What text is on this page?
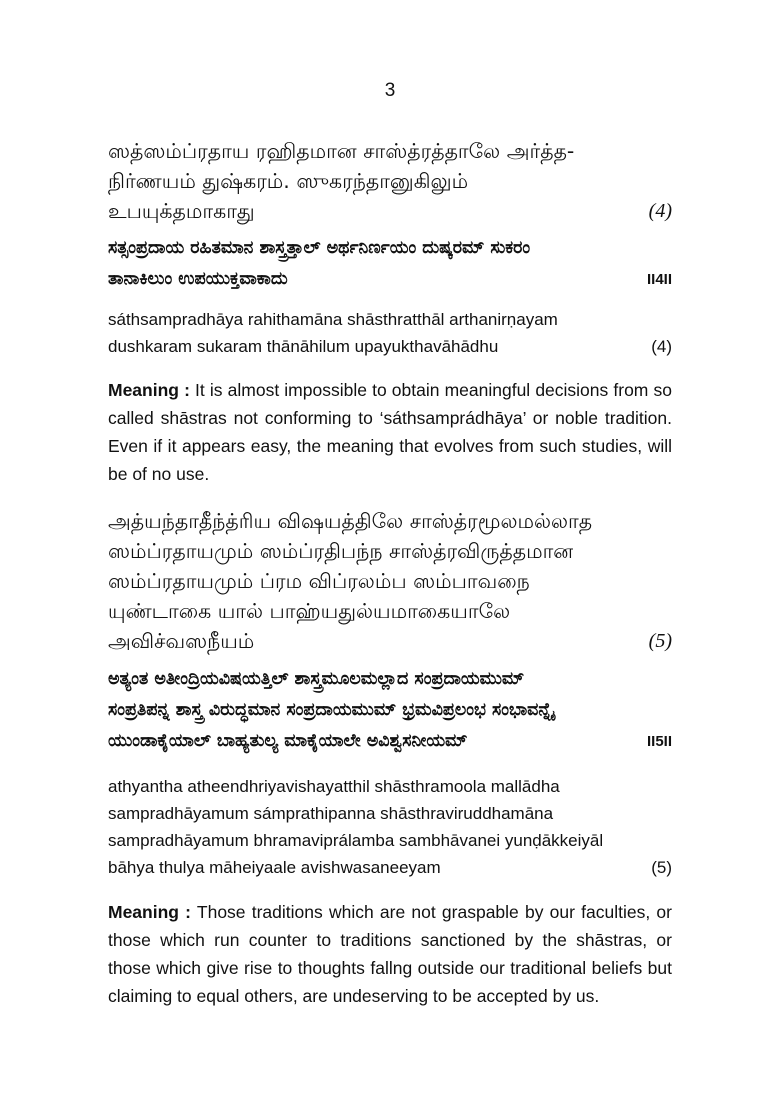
3
ஸத்ஸம்ப்ரதாய ரஹிதமான சாஸ்த்ரத்தாலே அர்த்த-
நிர்ணயம் துஷ்கரம். ஸுகரந்தானுகிலும்
உபயுக்தமாகாது	(4)
ಸತ್ಸಂಪ್ರದಾಯ ರಹಿತಮಾನ ಶಾಸ್ತ್ರತ್ತಾಲ್ ಅರ್ಥನಿರ್ಣಯಂ ದುಷ್ಕರಮ್ ಸುಕರಂ
ತಾನಾಕಿಲುಂ ಉಪಯುಕ್ತವಾಕಾದು	II4II
sáthsampradhāya rahithamāna shāsthratthāl arthanirṇayam
dushkaram sukaram thānāhilum upayukthavāhādhu	(4)
Meaning : It is almost impossible to obtain meaningful decisions from so called shāstras not conforming to ‘sáthsamprádhāya’ or noble tradition. Even if it appears easy, the meaning that evolves from such studies, will be of no use.
அத்யந்தாதீந்த்ரிய விஷயத்திலே சாஸ்த்ரமூலமல்லாத
ஸம்ப்ரதாயமும் ஸம்ப்ரதிபந்ந சாஸ்த்ரவிருத்தமான
ஸம்ப்ரதாயமும் ப்ரம விப்ரலம்ப ஸம்பாவநை
யுண்டாகை யால் பாஹ்யதுல்யமாகையாலே
அவிச்வஸநீயம்	(5)
ಅತ್ಯಂತ ಅತೀಂದ್ರಿಯವಿಷಯತ್ತಿಲ್ ಶಾಸ್ತ್ರಮೂಲಮಲ್ಲಾದ ಸಂಪ್ರದಾಯಮುಮ್
ಸಂಪ್ರತಿಪನ್ನ ಶಾಸ್ತ್ರ ವಿರುದ್ಧಮಾನ ಸಂಪ್ರದಾಯಮುಮ್ ಭ್ರಮವಿಪ್ರಲಂಭ ಸಂಭಾವನ್ನೈ
ಯುಂಡಾಕೈಯಾಲ್ ಬಾಹ್ಯತುಲ್ಯ ಮಾಕೈಯಾಲೇ ಅವಿಶ್ವಸನೀಯಮ್	II5II
athyantha atheendhriyavishayatthil shāsthramoola mallādha
sampradhāyamum sámprathipanna shāsthraviruddhamāna
sampradhāyamum bhramaviprálamba sambhāvanei yunḍākkeiyāl
bāhya thulya māheiyaale avishwasaneeyam	(5)
Meaning : Those traditions which are not graspable by our faculties, or those which run counter to traditions sanctioned by the shāstras, or those which give rise to thoughts fallng outside our traditional beliefs but claiming to equal others, are undeserving to be accepted by us.
